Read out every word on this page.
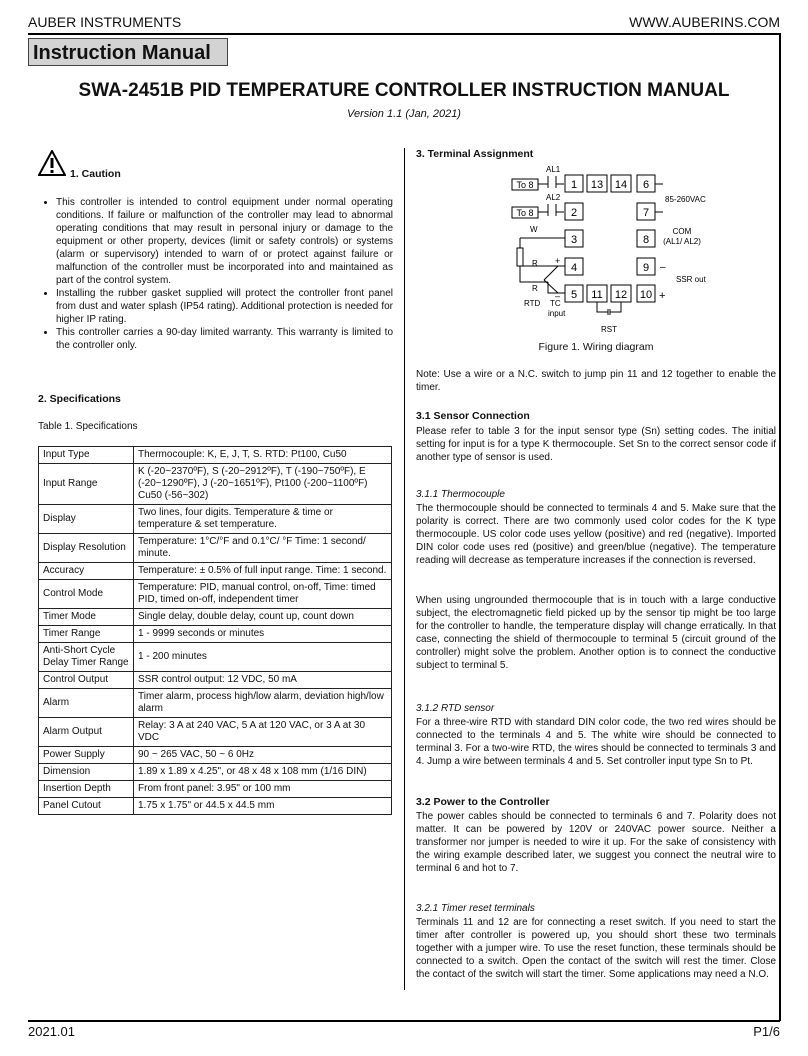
AUBER INSTRUMENTS	WWW.AUBERINS.COM
Instruction Manual
SWA-2451B PID TEMPERATURE CONTROLLER INSTRUCTION MANUAL
Version 1.1 (Jan, 2021)
1. Caution
• This controller is intended to control equipment under normal operating conditions. If failure or malfunction of the controller may lead to abnormal operating conditions that may result in personal injury or damage to the equipment or other property, devices (limit or safety controls) or systems (alarm or supervisory) intended to warn of or protect against failure or malfunction of the controller must be incorporated into and maintained as part of the control system.
• Installing the rubber gasket supplied will protect the controller front panel from dust and water splash (IP54 rating). Additional protection is needed for higher IP rating.
• This controller carries a 90-day limited warranty. This warranty is limited to the controller only.
2. Specifications
Table 1. Specifications
Input Type	Thermocouple: K, E, J, T, S. RTD: Pt100, Cu50
Input Range	K (-20~2370ºF), S (-20~2912ºF), T (-190~750ºF), E (-20~1290ºF), J (-20~1651ºF), Pt100 (-200~1100ºF) Cu50 (-56~302)
Display	Two lines, four digits. Temperature & time or temperature & set temperature.
Display Resolution	Temperature: 1°C/°F and 0.1°C/ °F Time: 1 second/ minute.
Accuracy	Temperature: ± 0.5% of full input range. Time: 1 second.
Control Mode	Temperature: PID, manual control, on-off, Time: timed PID, timed on-off, independent timer
Timer Mode	Single delay, double delay, count up, count down
Timer Range	1 - 9999 seconds or minutes
Anti-Short Cycle Delay Timer Range	1 - 200 minutes
Control Output	SSR control output: 12 VDC, 50 mA
Alarm	Timer alarm, process high/low alarm, deviation high/low alarm
Alarm Output	Relay: 3 A at 240 VAC, 5 A at 120 VAC, or 3 A at 30 VDC
Power Supply	90 ~ 265 VAC, 50 ~ 6 0Hz
Dimension	1.89 x 1.89 x 4.25", or 48 x 48 x 108 mm (1/16 DIN)
Insertion Depth	From front panel: 3.95" or 100 mm
Panel Cutout	1.75 x 1.75" or 44.5 x 44.5 mm
3. Terminal Assignment
To 8
To 8
AL1
AL2
1 13 14 6
2	7
3	8
4	9
5 11 12 10
85-260VAC
COM
(AL1/ AL2)
–
SSR out
+
W
R
R
RTD
+
–
TC
input
RST
Figure 1. Wiring diagram

Note: Use a wire or a N.C. switch to jump pin 11 and 12 together to enable the timer.

3.1 Sensor Connection

Please refer to table 3 for the input sensor type (Sn) setting codes. The initial setting for input is for a type K thermocouple. Set Sn to the correct sensor code if another type of sensor is used.

3.1.1 Thermocouple

The thermocouple should be connected to terminals 4 and 5. Make sure that the polarity is correct. There are two commonly used color codes for the K type thermocouple. US color code uses yellow (positive) and red (negative). Imported DIN color code uses red (positive) and green/blue (negative). The temperature reading will decrease as temperature increases if the connection is reversed.

When using ungrounded thermocouple that is in touch with a large conductive subject, the electromagnetic field picked up by the sensor tip might be too large for the controller to handle, the temperature display will change erratically. In that case, connecting the shield of thermocouple to terminal 5 (circuit ground of the controller) might solve the problem. Another option is to connect the conductive subject to terminal 5.

3.1.2 RTD sensor

For a three-wire RTD with standard DIN color code, the two red wires should be connected to the terminals 4 and 5. The white wire should be connected to terminal 3. For a two-wire RTD, the wires should be connected to terminals 3 and 4. Jump a wire between terminals 4 and 5. Set controller input type Sn to Pt.

3.2 Power to the Controller

The power cables should be connected to terminals 6 and 7. Polarity does not matter. It can be powered by 120V or 240VAC power source. Neither a transformer nor jumper is needed to wire it up. For the sake of consistency with the wiring example described later, we suggest you connect the neutral wire to terminal 6 and hot to 7.

3.2.1 Timer reset terminals

Terminals 11 and 12 are for connecting a reset switch. If you need to start the timer after controller is powered up, you should short these two terminals together with a jumper wire. To use the reset function, these terminals should be connected to a switch. Open the contact of the switch will rest the timer. Close the contact of the switch will start the timer. Some applications may need a N.O.

2021.01	P1/6
